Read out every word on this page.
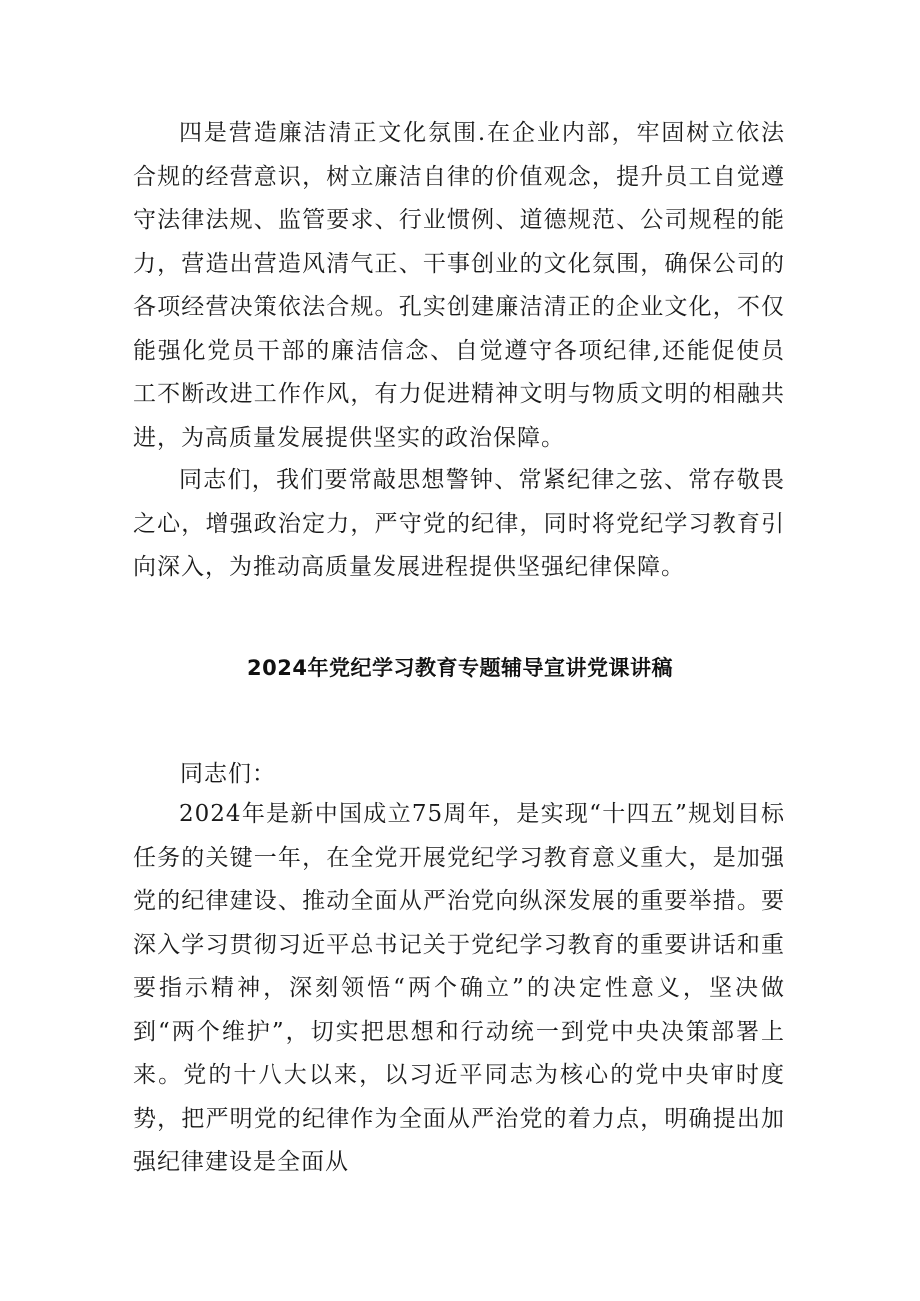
四是营造廉洁清正文化氛围.在企业内部，牢固树立依法合规的经营意识，树立廉洁自律的价值观念，提升员工自觉遵守法律法规、监管要求、行业惯例、道德规范、公司规程的能力，营造出营造风清气正、干事创业的文化氛围，确保公司的各项经营决策依法合规。孔实创建廉洁清正的企业文化，不仅能强化党员干部的廉洁信念、自觉遵守各项纪律,还能促使员工不断改进工作作风，有力促进精神文明与物质文明的相融共进，为高质量发展提供坚实的政治保障。

同志们，我们要常敲思想警钟、常紧纪律之弦、常存敬畏之心，增强政治定力，严守党的纪律，同时将党纪学习教育引向深入，为推动高质量发展进程提供坚强纪律保障。

2024年党纪学习教育专题辅导宣讲党课讲稿

同志们：

2024年是新中国成立75周年，是实现“十四五”规划目标任务的关键一年，在全党开展党纪学习教育意义重大，是加强党的纪律建设、推动全面从严治党向纵深发展的重要举措。要深入学习贯彻习近平总书记关于党纪学习教育的重要讲话和重要指示精神，深刻领悟“两个确立”的决定性意义，坚决做到“两个维护”，切实把思想和行动统一到党中央决策部署上来。党的十八大以来，以习近平同志为核心的党中央审时度势，把严明党的纪律作为全面从严治党的着力点，明确提出加强纪律建设是全面从
